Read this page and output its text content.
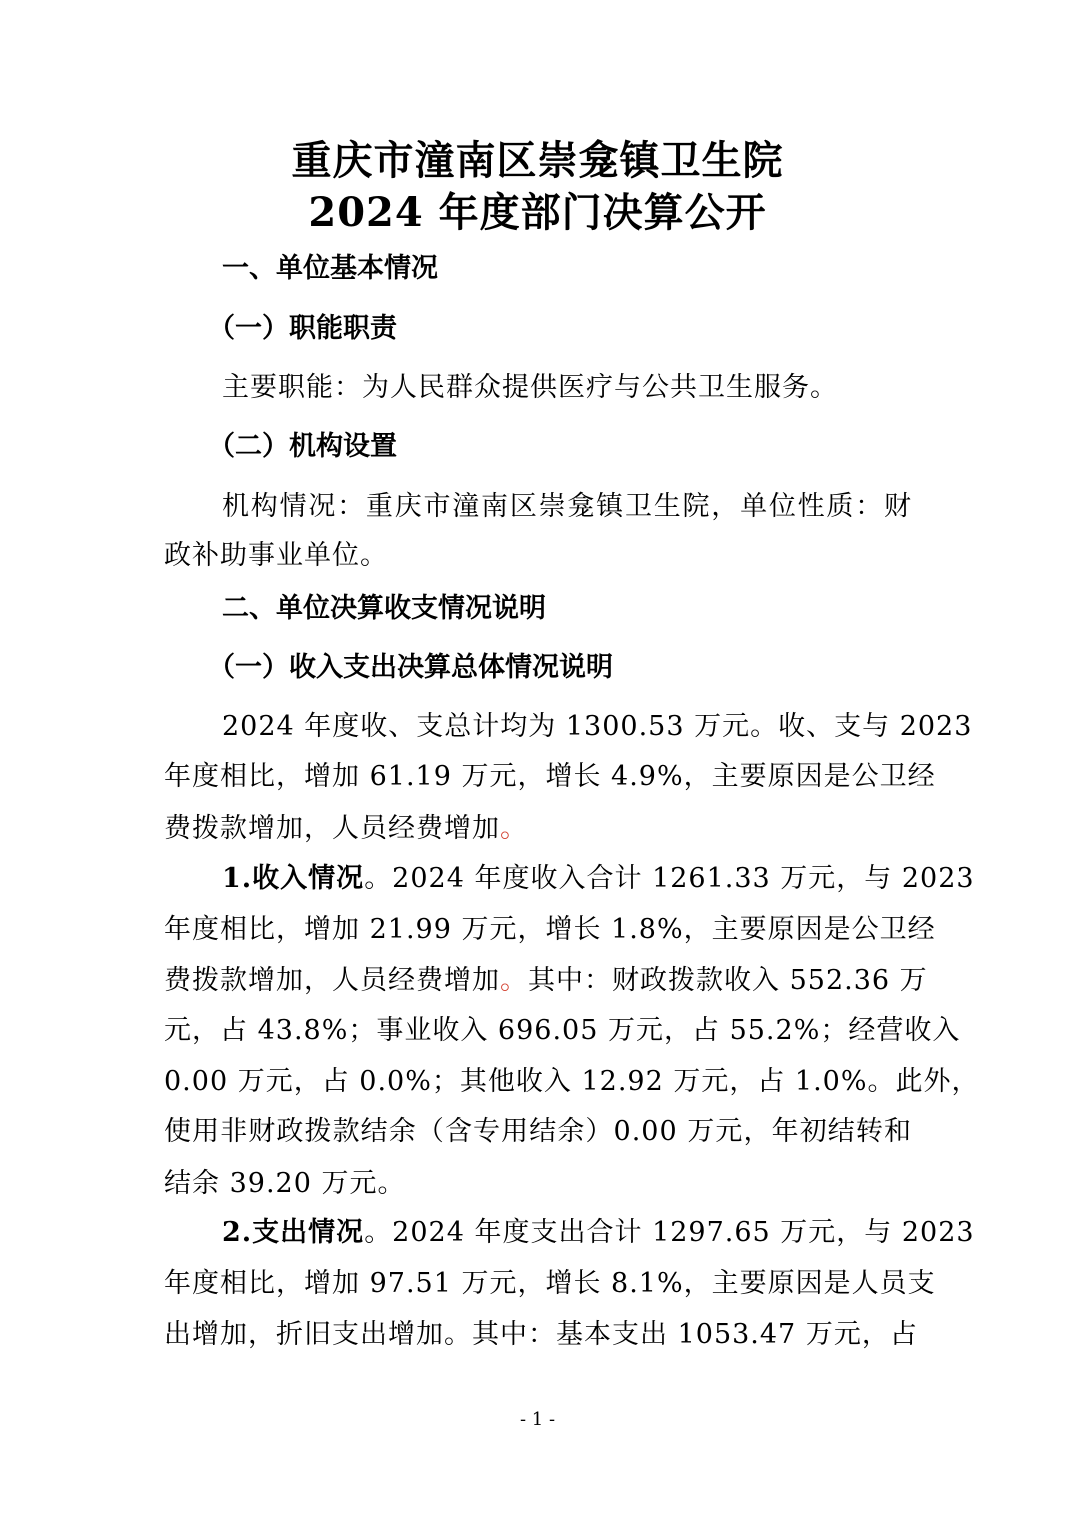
重庆市潼南区崇龛镇卫生院
2024 年度部门决算公开
一、单位基本情况
（一）职能职责
主要职能：为人民群众提供医疗与公共卫生服务。
（二）机构设置
机构情况：重庆市潼南区崇龛镇卫生院，单位性质：财
政补助事业单位。
二、单位决算收支情况说明
（一）收入支出决算总体情况说明
2024 年度收、支总计均为 1300.53 万元。收、支与 2023
年度相比，增加 61.19 万元，增长 4.9%，主要原因是公卫经
费拨款增加，人员经费增加。
1.收入情况。2024 年度收入合计 1261.33 万元，与 2023
年度相比，增加 21.99 万元，增长 1.8%，主要原因是公卫经
费拨款增加，人员经费增加。其中：财政拨款收入 552.36 万
元，占 43.8%；事业收入 696.05 万元，占 55.2%；经营收入
0.00 万元，占 0.0%；其他收入 12.92 万元，占 1.0%。此外，
使用非财政拨款结余（含专用结余）0.00 万元，年初结转和
结余 39.20 万元。
2.支出情况。2024 年度支出合计 1297.65 万元，与 2023
年度相比，增加 97.51 万元，增长 8.1%，主要原因是人员支
出增加，折旧支出增加。其中：基本支出 1053.47 万元，占
- 1 -
